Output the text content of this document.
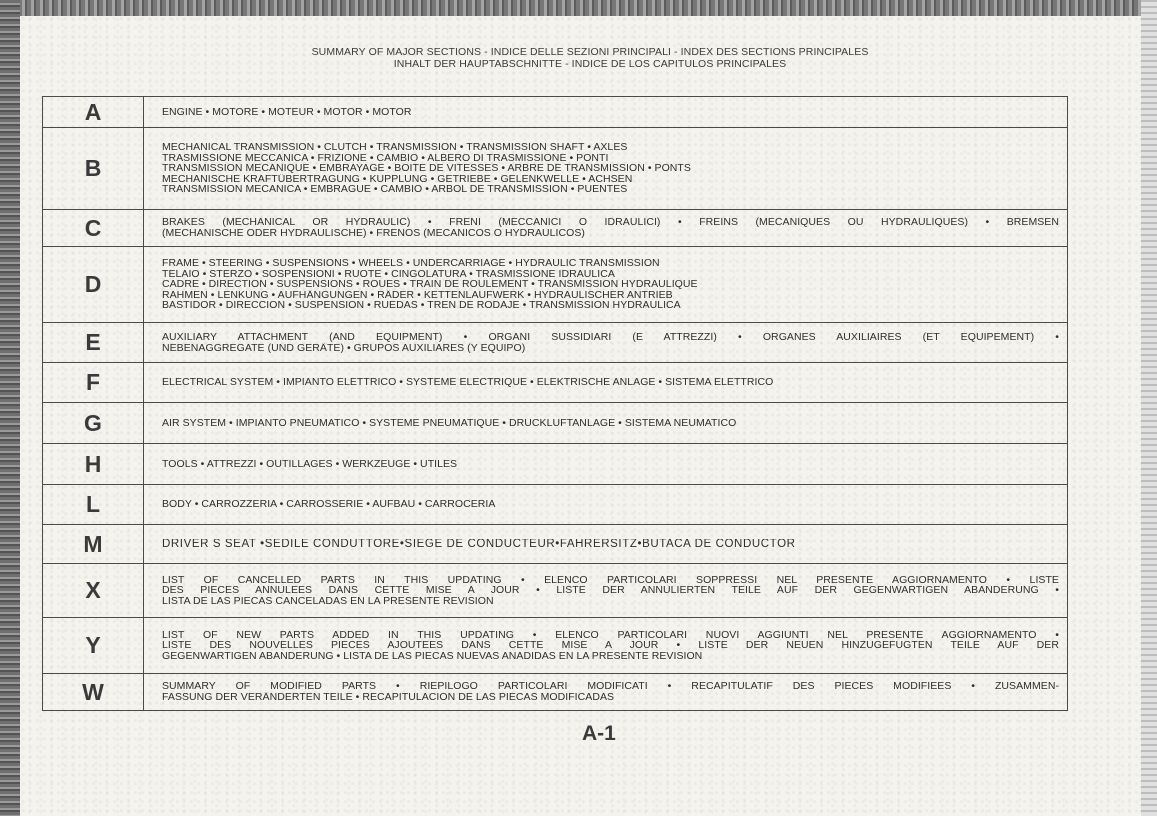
SUMMARY OF MAJOR SECTIONS - INDICE DELLE SEZIONI PRINCIPALI - INDEX DES SECTIONS PRINCIPALES
INHALT DER HAUPTABSCHNITTE - INDICE DE LOS CAPITULOS PRINCIPALES
A	ENGINE • MOTORE • MOTEUR • MOTOR • MOTOR

B	MECHANICAL TRANSMISSION • CLUTCH • TRANSMISSION • TRANSMISSION SHAFT • AXLES
TRASMISSIONE MECCANICA • FRIZIONE • CAMBIO • ALBERO DI TRASMISSIONE • PONTI
TRANSMISSION MECANIQUE • EMBRAYAGE • BOITE DE VITESSES • ARBRE DE TRANSMISSION • PONTS
MECHANISCHE KRAFTÜBERTRAGUNG • KUPPLUNG • GETRIEBE • GELENKWELLE • ACHSEN
TRANSMISSION MECANICA • EMBRAGUE • CAMBIO • ARBOL DE TRANSMISSION • PUENTES

C	BRAKES (MECHANICAL OR HYDRAULIC) • FRENI (MECCANICI O IDRAULICI) • FREINS (MECANIQUES OU HYDRAULIQUES) • BREMSEN
(MECHANISCHE ODER HYDRAULISCHE) • FRENOS (MECANICOS O HYDRAULICOS)

D	FRAME • STEERING • SUSPENSIONS • WHEELS • UNDERCARRIAGE • HYDRAULIC TRANSMISSION
TELAIO • STERZO • SOSPENSIONI • RUOTE • CINGOLATURA • TRASMISSIONE IDRAULICA
CADRE • DIRECTION • SUSPENSIONS • ROUES • TRAIN DE ROULEMENT • TRANSMISSION HYDRAULIQUE
RAHMEN • LENKUNG • AUFHÄNGUNGEN • RÄDER • KETTENLAUFWERK • HYDRAULISCHER ANTRIEB
BASTIDOR • DIRECCION • SUSPENSION • RUEDAS • TREN DE RODAJE • TRANSMISSION HYDRAULICA

E	AUXILIARY ATTACHMENT (AND EQUIPMENT) • ORGANI SUSSIDIARI (E ATTREZZI) • ORGANES AUXILIAIRES (ET EQUIPEMENT) •
NEBENAGGREGATE (UND GERÄTE) • GRUPOS AUXILIARES (Y EQUIPO)

F	ELECTRICAL SYSTEM • IMPIANTO ELETTRICO • SYSTEME ELECTRIQUE • ELEKTRISCHE ANLAGE • SISTEMA ELETTRICO

G	AIR SYSTEM • IMPIANTO PNEUMATICO • SYSTEME PNEUMATIQUE • DRUCKLUFTANLAGE • SISTEMA NEUMATICO

H	TOOLS • ATTREZZI • OUTILLAGES • WERKZEUGE • UTILES

L	BODY • CARROZZERIA • CARROSSERIE • AUFBAU • CARROCERIA

M	DRIVER S SEAT •SEDILE CONDUTTORE•SIEGE DE CONDUCTEUR•FAHRERSITZ•BUTACA DE CONDUCTOR

X	LIST OF CANCELLED PARTS IN THIS UPDATING • ELENCO PARTICOLARI SOPPRESSI NEL PRESENTE AGGIORNAMENTO • LISTE
DES PIECES ANNULEES DANS CETTE MISE A JOUR • LISTE DER ANNULIERTEN TEILE AUF DER GEGENWARTIGEN ABANDERUNG •
LISTA DE LAS PIECAS CANCELADAS EN LA PRESENTE REVISION

Y	LIST OF NEW PARTS ADDED IN THIS UPDATING • ELENCO PARTICOLARI NUOVI AGGIUNTI NEL PRESENTE AGGIORNAMENTO •
LISTE DES NOUVELLES PIECES AJOUTEES DANS CETTE MISE A JOUR • LISTE DER NEUEN HINZUGEFUGTEN TEILE AUF DER
GEGENWARTIGEN ABANDERUNG • LISTA DE LAS PIECAS NUEVAS ANADIDAS EN LA PRESENTE REVISION

W	SUMMARY OF MODIFIED PARTS • RIEPILOGO PARTICOLARI MODIFICATI • RECAPITULATIF DES PIECES MODIFIEES • ZUSAMMEN-
FASSUNG DER VERÄNDERTEN TEILE • RECAPITULACION DE LAS PIECAS MODIFICADAS
A-1
